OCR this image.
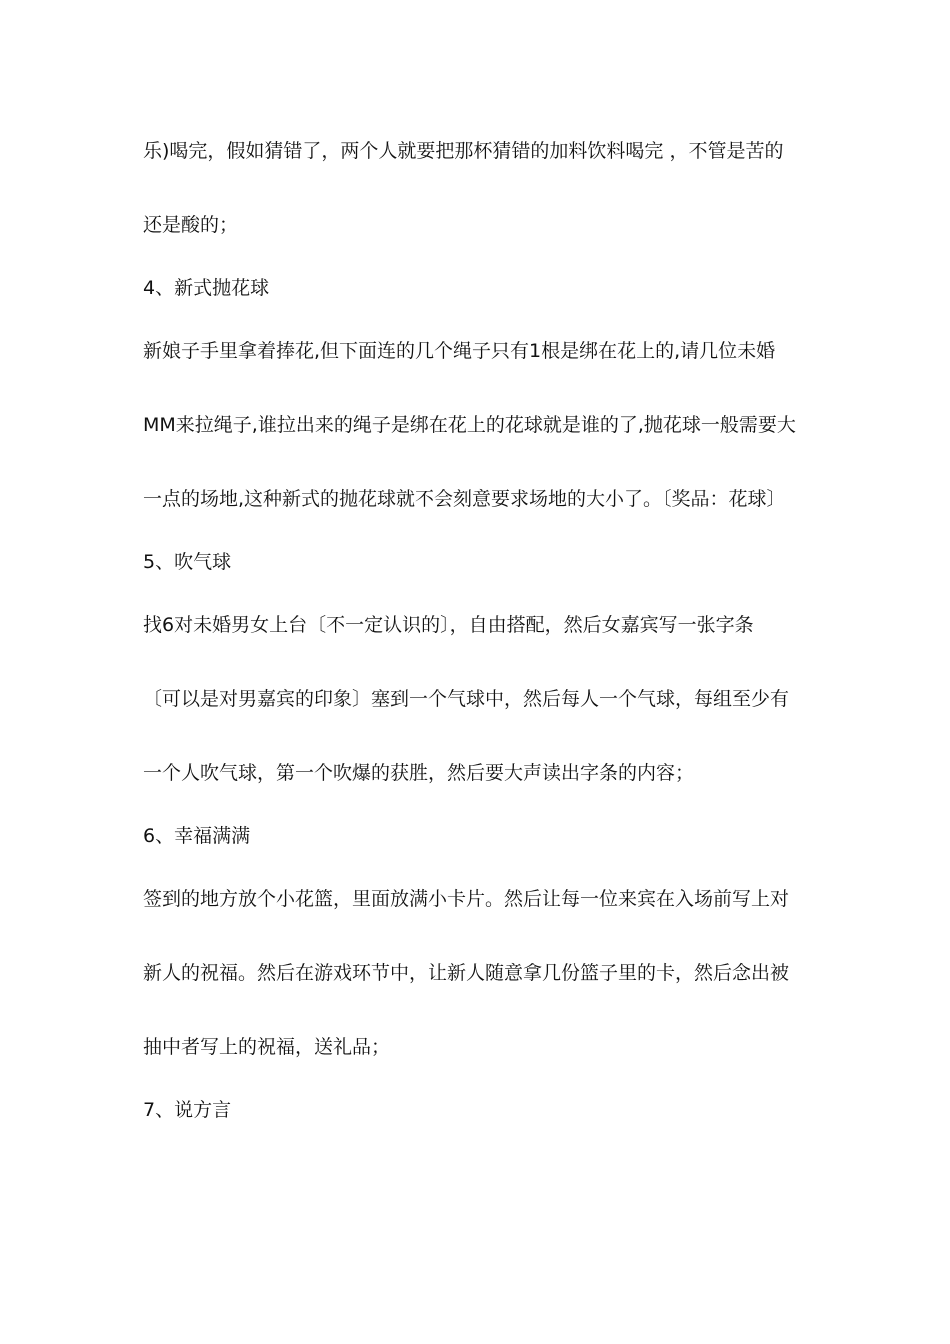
乐)喝完，假如猜错了，两个人就要把那杯猜错的加料饮料喝完 ，不管是苦的
还是酸的；
4、新式抛花球
新娘子手里拿着捧花,但下面连的几个绳子只有1根是绑在花上的,请几位未婚
MM来拉绳子,谁拉出来的绳子是绑在花上的花球就是谁的了,抛花球一般需要大
一点的场地,这种新式的抛花球就不会刻意要求场地的大小了。〔奖品：花球〕
5、吹气球
找6对未婚男女上台〔不一定认识的〕，自由搭配，然后女嘉宾写一张字条
〔可以是对男嘉宾的印象〕塞到一个气球中，然后每人一个气球，每组至少有
一个人吹气球，第一个吹爆的获胜，然后要大声读出字条的内容；
6、幸福满满
签到的地方放个小花篮，里面放满小卡片。然后让每一位来宾在入场前写上对
新人的祝福。然后在游戏环节中，让新人随意拿几份篮子里的卡，然后念出被
抽中者写上的祝福，送礼品；
7、说方言
